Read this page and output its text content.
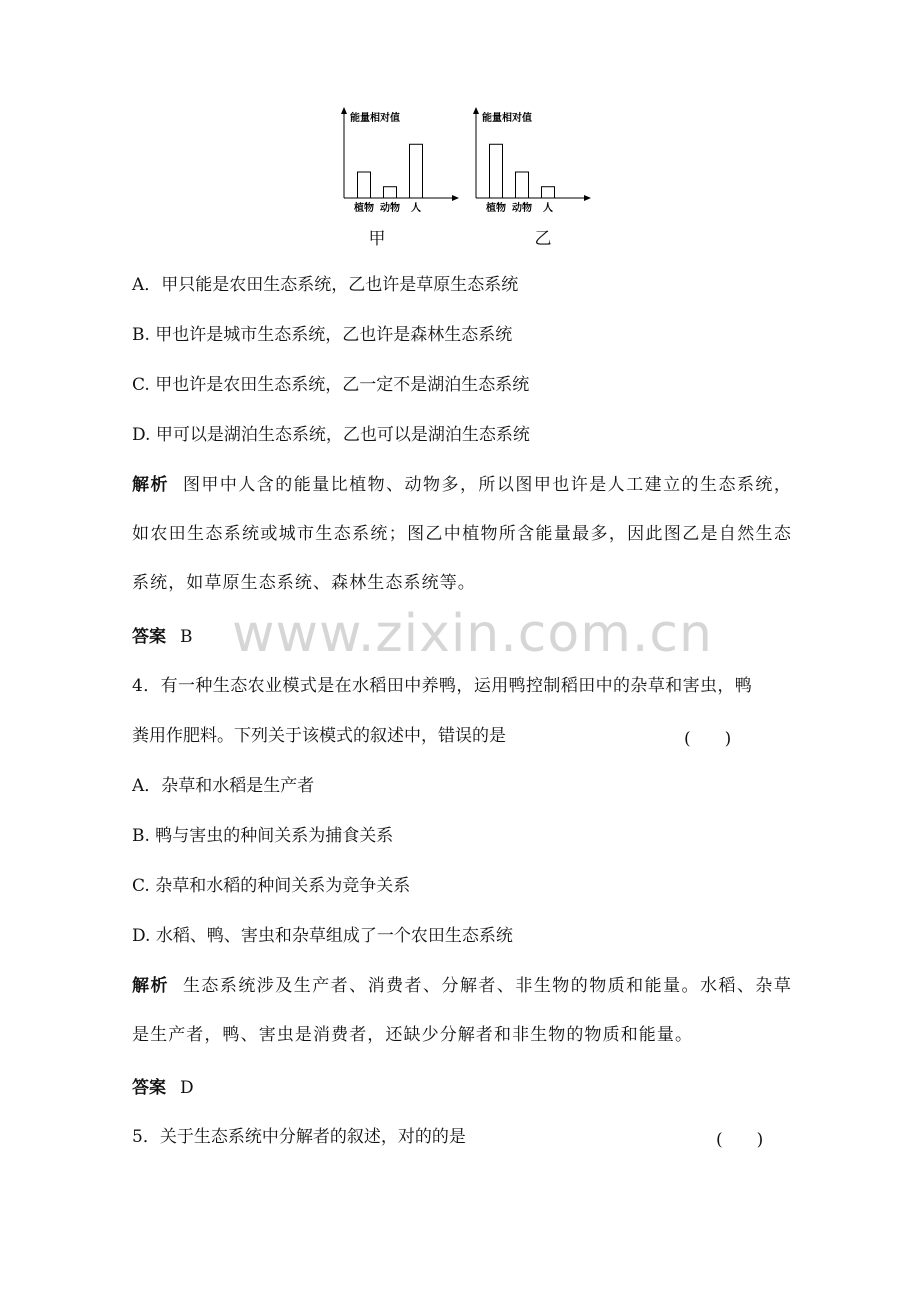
能量相对值
植物 动物 人
甲
能量相对值
植物 动物 人
乙
A．甲只能是农田生态系统，乙也许是草原生态系统
B. 甲也许是城市生态系统，乙也许是森林生态系统
C. 甲也许是农田生态系统，乙一定不是湖泊生态系统
D. 甲可以是湖泊生态系统，乙也可以是湖泊生态系统
解析 图甲中人含的能量比植物、动物多，所以图甲也许是人工建立的生态系统，如农田生态系统或城市生态系统；图乙中植物所含能量最多，因此图乙是自然生态系统，如草原生态系统、森林生态系统等。
答案 B www.zixin.com.cn
4．有一种生态农业模式是在水稻田中养鸭，运用鸭控制稻田中的杂草和害虫，鸭
粪用作肥料。下列关于该模式的叙述中，错误的是	(　　)
A．杂草和水稻是生产者
B. 鸭与害虫的种间关系为捕食关系
C. 杂草和水稻的种间关系为竞争关系
D. 水稻、鸭、害虫和杂草组成了一个农田生态系统
解析 生态系统涉及生产者、消费者、分解者、非生物的物质和能量。水稻、杂草是生产者，鸭、害虫是消费者，还缺少分解者和非生物的物质和能量。
答案 D
5．关于生态系统中分解者的叙述，对的的是	(　　)
